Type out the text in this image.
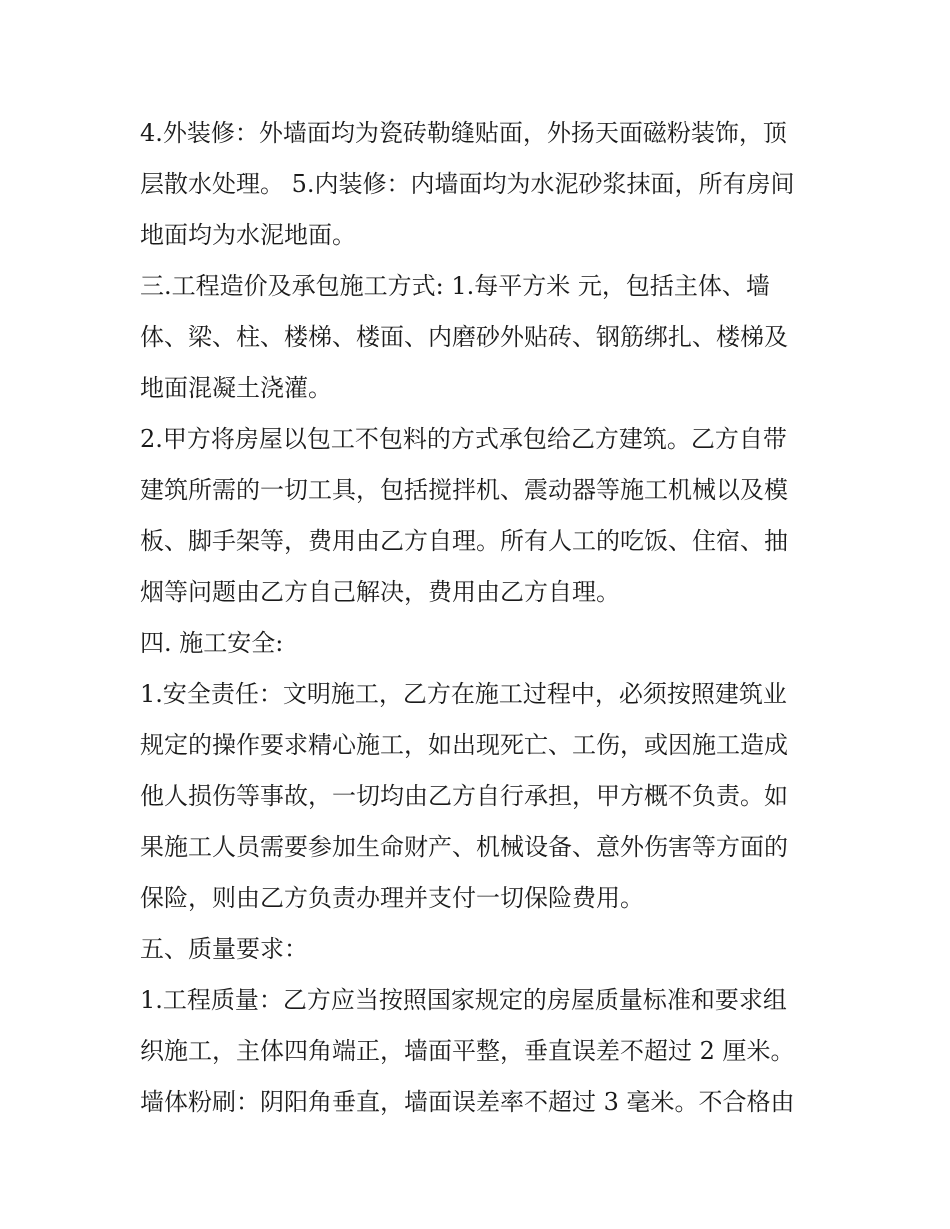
4.外装修：外墙面均为瓷砖勒缝贴面，外扬天面磁粉装饰，顶
层散水处理。 5.内装修：内墙面均为水泥砂浆抹面，所有房间
地面均为水泥地面。
三.工程造价及承包施工方式: 1.每平方米 元，包括主体、墙
体、梁、柱、楼梯、楼面、内磨砂外贴砖、钢筋绑扎、楼梯及
地面混凝土浇灌。
2.甲方将房屋以包工不包料的方式承包给乙方建筑。乙方自带
建筑所需的一切工具，包括搅拌机、震动器等施工机械以及模
板、脚手架等，费用由乙方自理。所有人工的吃饭、住宿、抽
烟等问题由乙方自己解决，费用由乙方自理。
四. 施工安全:
1.安全责任：文明施工，乙方在施工过程中，必须按照建筑业
规定的操作要求精心施工，如出现死亡、工伤，或因施工造成
他人损伤等事故，一切均由乙方自行承担，甲方概不负责。如
果施工人员需要参加生命财产、机械设备、意外伤害等方面的
保险，则由乙方负责办理并支付一切保险费用。
五、质量要求：
1.工程质量：乙方应当按照国家规定的房屋质量标准和要求组
织施工，主体四角端正，墙面平整，垂直误差不超过 2 厘米。
墙体粉刷：阴阳角垂直，墙面误差率不超过 3 毫米。不合格由
